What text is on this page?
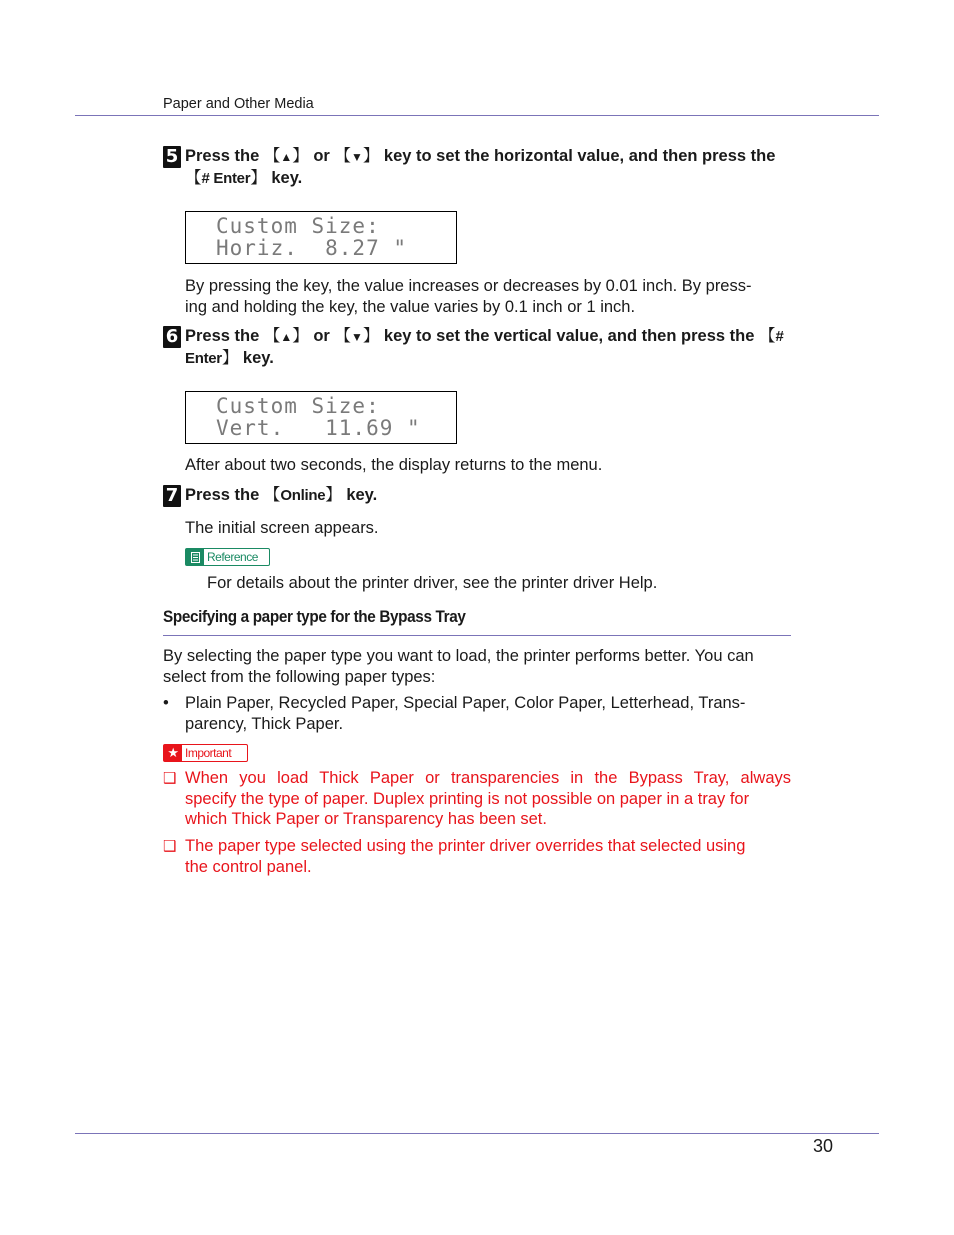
Paper and Other Media
5 Press the 【▲】 or 【▼】 key to set the horizontal value, and then press the
【# Enter】 key.
Custom Size:
Horiz.  8.27 "
By pressing the key, the value increases or decreases by 0.01 inch. By press-
ing and holding the key, the value varies by 0.1 inch or 1 inch.
6 Press the 【▲】 or 【▼】 key to set the vertical value, and then press the 【#
Enter】 key.
Custom Size:
Vert.   11.69 "
After about two seconds, the display returns to the menu.
7 Press the 【Online】 key.
The initial screen appears.
Reference
For details about the printer driver, see the printer driver Help.
Specifying a paper type for the Bypass Tray
By selecting the paper type you want to load, the printer performs better. You can
select from the following paper types:
• Plain Paper, Recycled Paper, Special Paper, Color Paper, Letterhead, Trans-
parency, Thick Paper.
★ Important
❑ When you load Thick Paper or transparencies in the Bypass Tray, always
specify the type of paper. Duplex printing is not possible on paper in a tray for
which Thick Paper or Transparency has been set.
❑ The paper type selected using the printer driver overrides that selected using
the control panel.
30
